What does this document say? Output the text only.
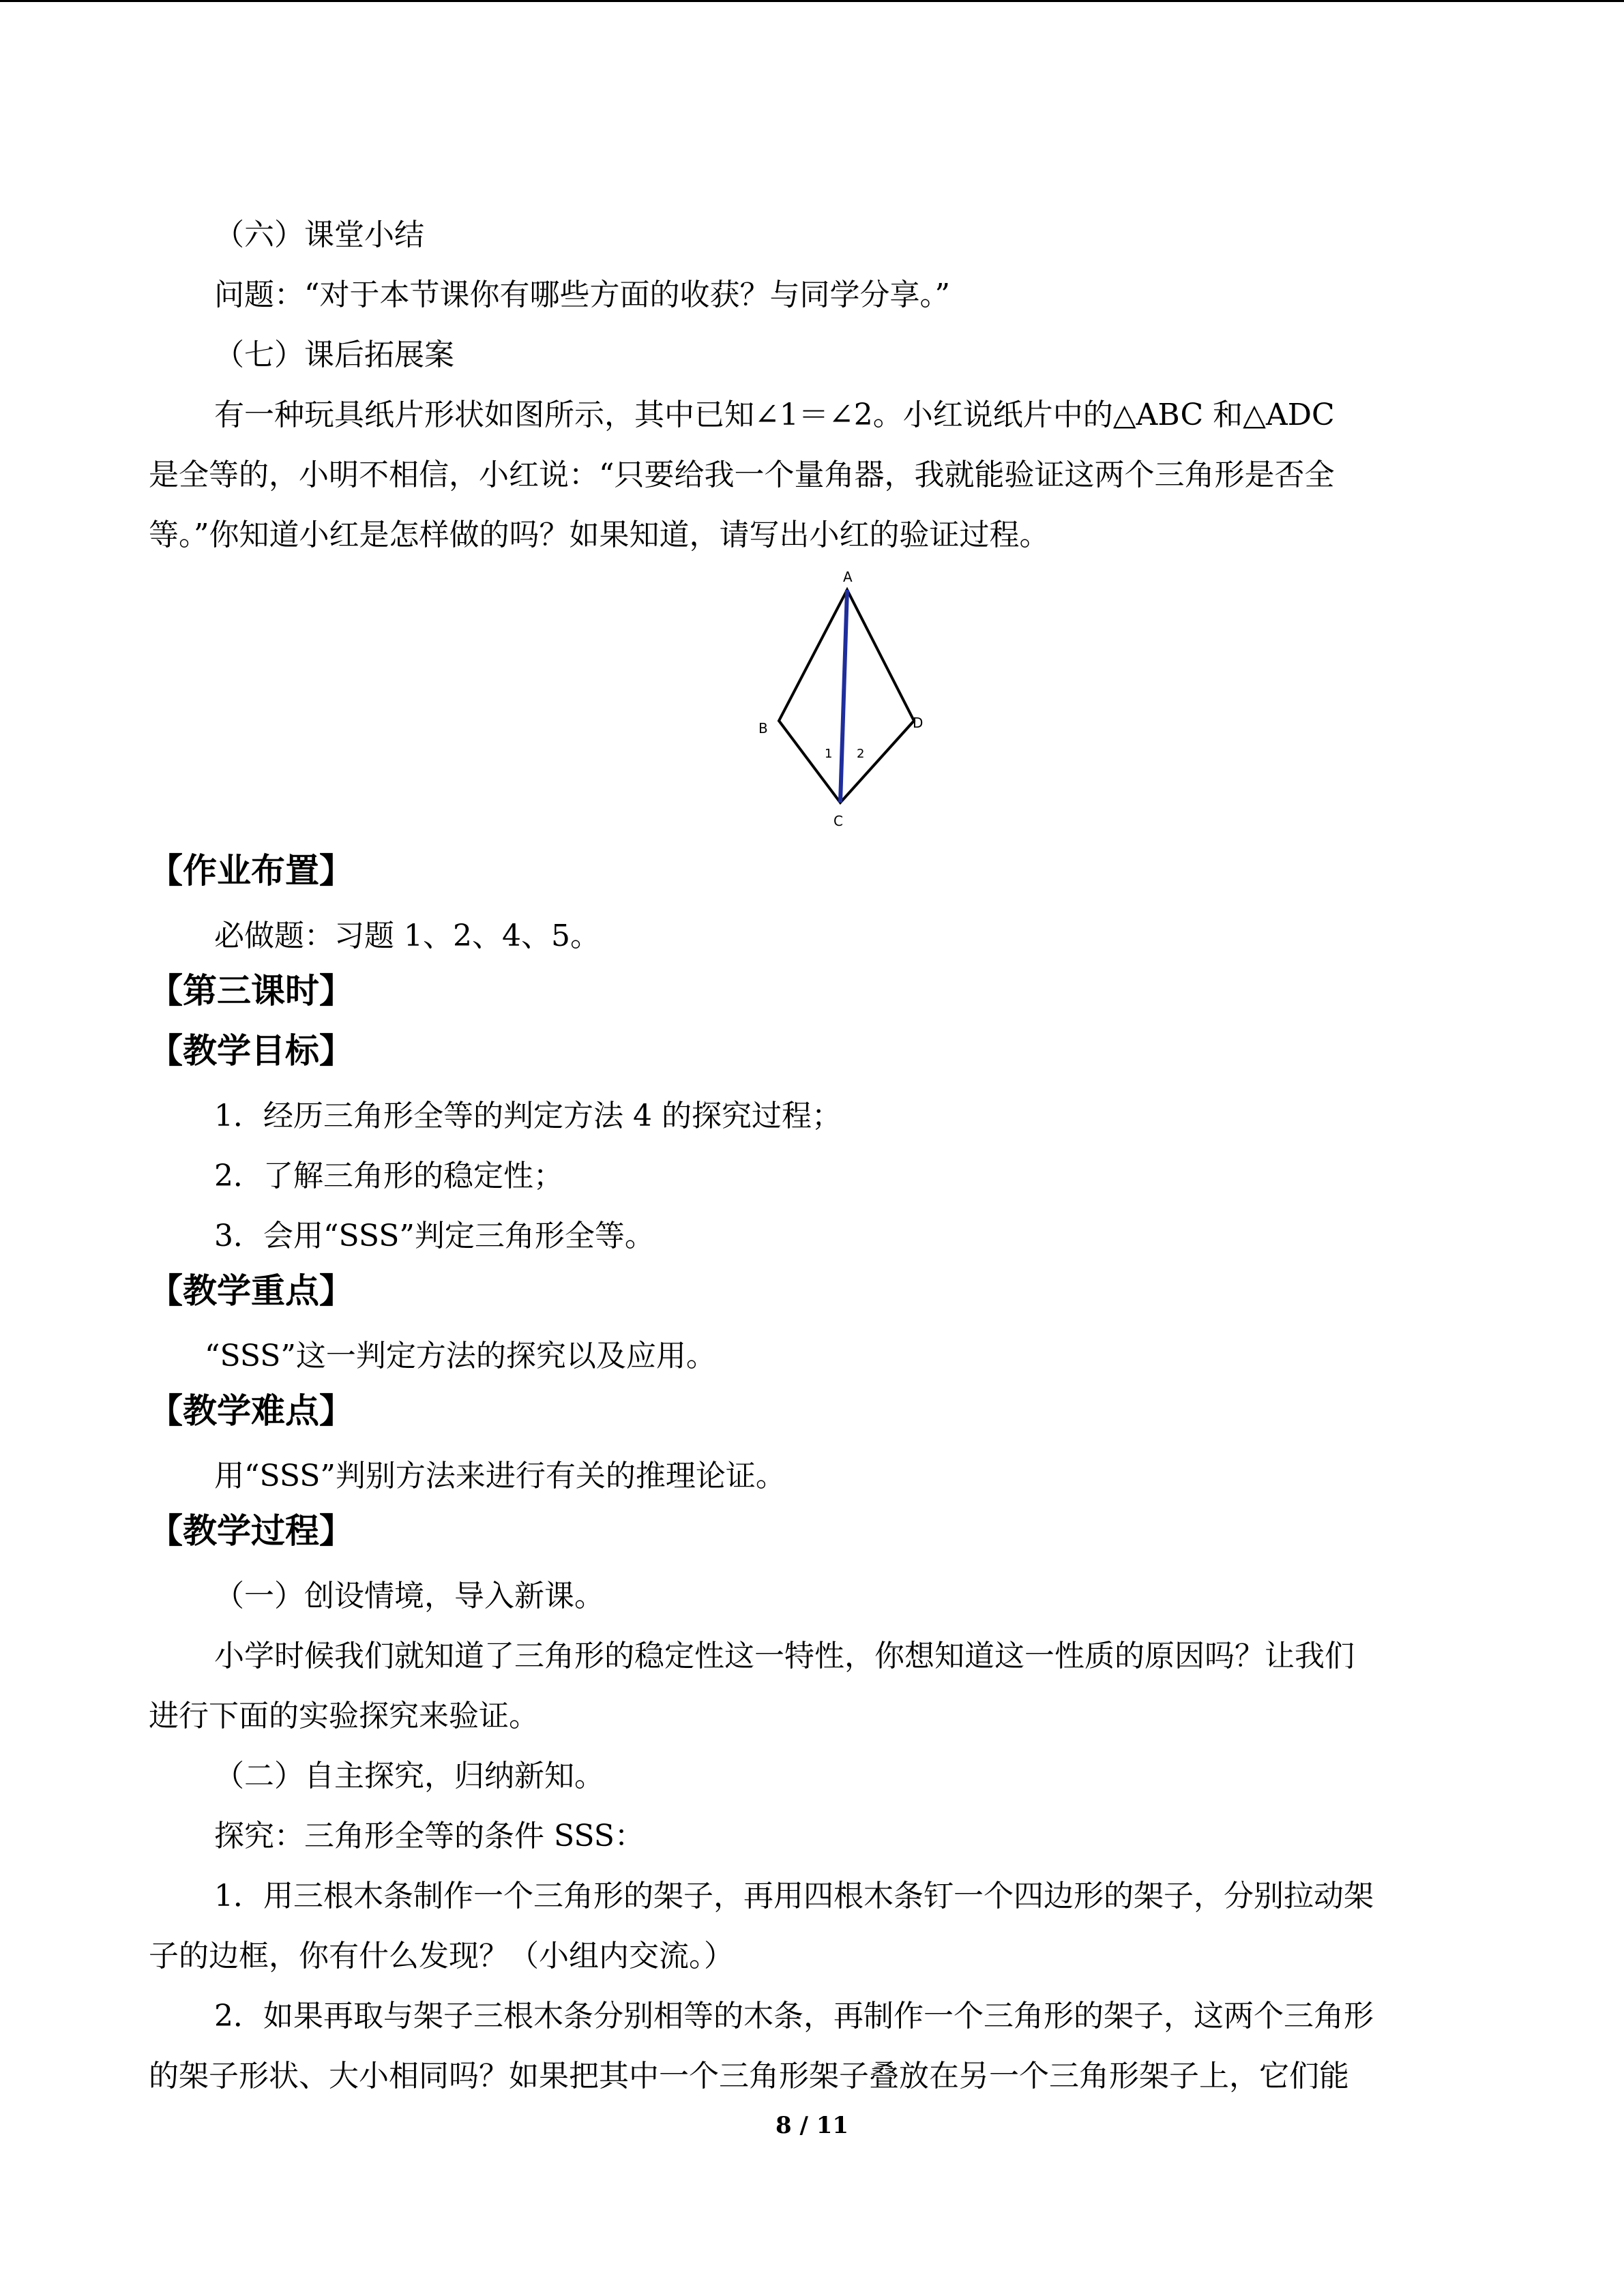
（六）课堂小结
问题：“对于本节课你有哪些方面的收获？与同学分享。”
（七）课后拓展案
有一种玩具纸片形状如图所示，其中已知∠1＝∠2。小红说纸片中的△ABC 和△ADC
是全等的，小明不相信，小红说：“只要给我一个量角器，我就能验证这两个三角形是否全
等。”你知道小红是怎样做的吗？如果知道，请写出小红的验证过程。
A
B	D
C
1 2
【作业布置】
必做题：习题 1、2、4、5。
【第三课时】
【教学目标】
1．经历三角形全等的判定方法 4 的探究过程；
2．了解三角形的稳定性；
3．会用“SSS”判定三角形全等。
【教学重点】
“SSS”这一判定方法的探究以及应用。
【教学难点】
用“SSS”判别方法来进行有关的推理论证。
【教学过程】
（一）创设情境，导入新课。
小学时候我们就知道了三角形的稳定性这一特性，你想知道这一性质的原因吗？让我们
进行下面的实验探究来验证。
（二）自主探究，归纳新知。
探究：三角形全等的条件 SSS：
1．用三根木条制作一个三角形的架子，再用四根木条钉一个四边形的架子，分别拉动架
子的边框，你有什么发现？（小组内交流。）
2．如果再取与架子三根木条分别相等的木条，再制作一个三角形的架子，这两个三角形
的架子形状、大小相同吗？如果把其中一个三角形架子叠放在另一个三角形架子上，它们能
8 / 11
